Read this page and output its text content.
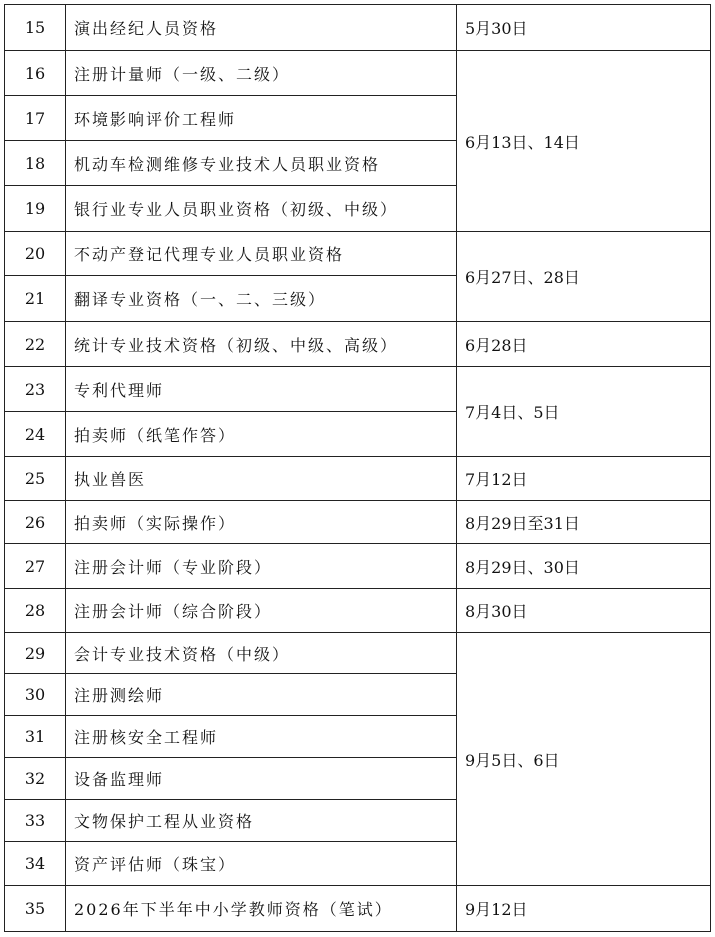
15	演出经纪人员资格	5月30日
16	注册计量师（一级、二级）	6月13日、14日
17	环境影响评价工程师	
18	机动车检测维修专业技术人员职业资格	
19	银行业专业人员职业资格（初级、中级）	
20	不动产登记代理专业人员职业资格	6月27日、28日
21	翻译专业资格（一、二、三级）	
22	统计专业技术资格（初级、中级、高级）	6月28日
23	专利代理师	7月4日、5日
24	拍卖师（纸笔作答）	
25	执业兽医	7月12日
26	拍卖师（实际操作）	8月29日至31日
27	注册会计师（专业阶段）	8月29日、30日
28	注册会计师（综合阶段）	8月30日
29	会计专业技术资格（中级）	9月5日、6日
30	注册测绘师	
31	注册核安全工程师	
32	设备监理师	
33	文物保护工程从业资格	
34	资产评估师（珠宝）	
35	2026年下半年中小学教师资格（笔试）	9月12日
